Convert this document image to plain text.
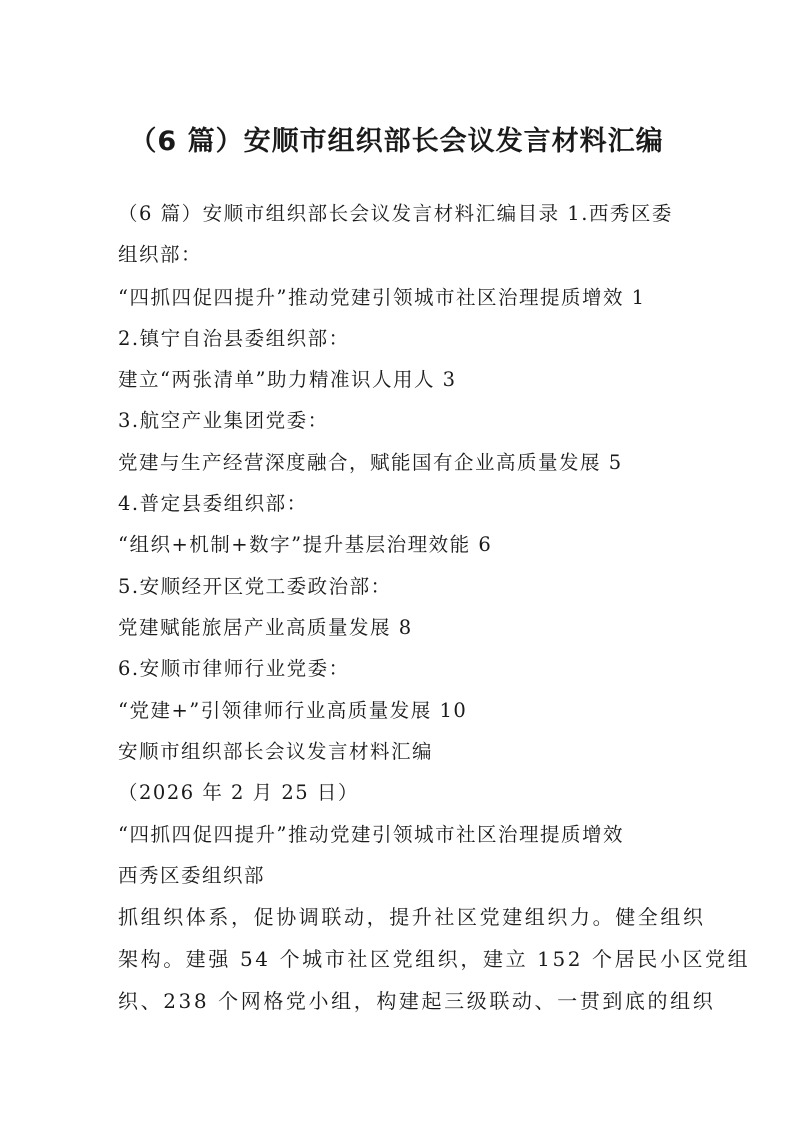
（6 篇）安顺市组织部长会议发言材料汇编
（6 篇）安顺市组织部长会议发言材料汇编目录 1.西秀区委
组织部：
“四抓四促四提升”推动党建引领城市社区治理提质增效 1
2.镇宁自治县委组织部：
建立“两张清单”助力精准识人用人 3
3.航空产业集团党委：
党建与生产经营深度融合，赋能国有企业高质量发展 5
4.普定县委组织部：
“组织+机制+数字”提升基层治理效能 6
5.安顺经开区党工委政治部：
党建赋能旅居产业高质量发展 8
6.安顺市律师行业党委：
“党建+”引领律师行业高质量发展 10
安顺市组织部长会议发言材料汇编
（2026 年 2 月 25 日）
“四抓四促四提升”推动党建引领城市社区治理提质增效
西秀区委组织部
抓组织体系，促协调联动，提升社区党建组织力。健全组织
架构。建强 54 个城市社区党组织，建立 152 个居民小区党组
织、238 个网格党小组，构建起三级联动、一贯到底的组织
